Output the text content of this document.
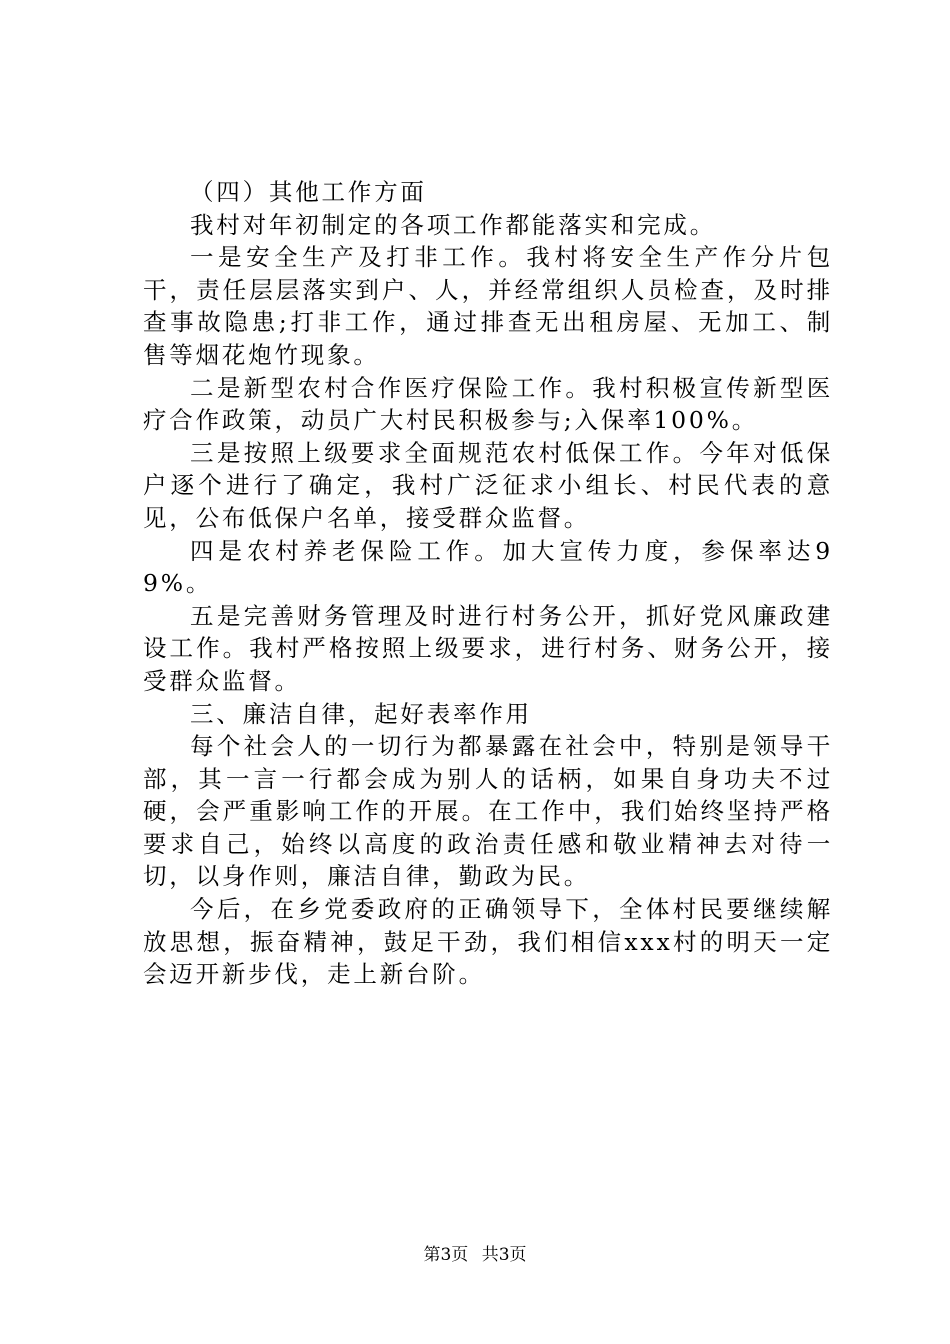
（四）其他工作方面

我村对年初制定的各项工作都能落实和完成。

一是安全生产及打非工作。我村将安全生产作分片包干，责任层层落实到户、人，并经常组织人员检查，及时排查事故隐患;打非工作，通过排查无出租房屋、无加工、制售等烟花炮竹现象。

二是新型农村合作医疗保险工作。我村积极宣传新型医疗合作政策，动员广大村民积极参与;入保率100%。

三是按照上级要求全面规范农村低保工作。今年对低保户逐个进行了确定，我村广泛征求小组长、村民代表的意见，公布低保户名单，接受群众监督。

四是农村养老保险工作。加大宣传力度，参保率达99%。

五是完善财务管理及时进行村务公开，抓好党风廉政建设工作。我村严格按照上级要求，进行村务、财务公开，接受群众监督。

三、廉洁自律，起好表率作用

每个社会人的一切行为都暴露在社会中，特别是领导干部，其一言一行都会成为别人的话柄，如果自身功夫不过硬，会严重影响工作的开展。在工作中，我们始终坚持严格要求自己，始终以高度的政治责任感和敬业精神去对待一切，以身作则，廉洁自律，勤政为民。

今后，在乡党委政府的正确领导下，全体村民要继续解放思想，振奋精神，鼓足干劲，我们相信xxx村的明天一定会迈开新步伐，走上新台阶。

第3页 共3页
